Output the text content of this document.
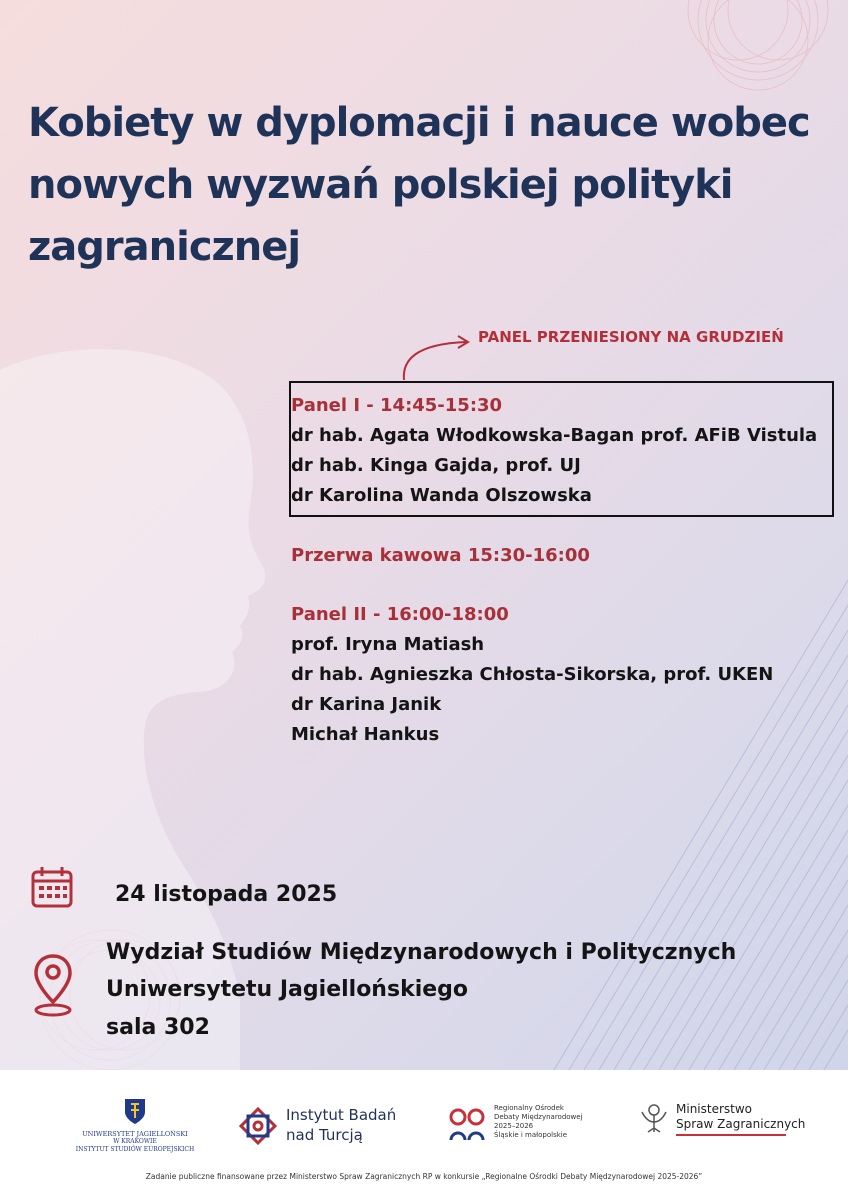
Kobiety w dyplomacji i nauce wobec nowych wyzwań polskiej polityki zagranicznej
PANEL PRZENIESIONY NA GRUDZIEŃ
Panel I - 14:45-15:30
dr hab. Agata Włodkowska-Bagan prof. AFiB Vistula
dr hab. Kinga Gajda, prof. UJ
dr Karolina Wanda Olszowska
Przerwa kawowa 15:30-16:00
Panel II - 16:00-18:00
prof. Iryna Matiash
dr hab. Agnieszka Chłosta-Sikorska, prof. UKEN
dr Karina Janik
Michał Hankus
24 listopada 2025
Wydział Studiów Międzynarodowych i Politycznych
Uniwersytetu Jagiellońskiego
sala 302
UNIWERSYTET JAGIELLOŃSKI
W KRAKOWIE
INSTYTUT STUDIÓW EUROPEJSKICH
Instytut Badań
nad Turcją
Regionalny Ośrodek
Debaty Międzynarodowej
2025–2026
Śląskie i małopolskie
Ministerstwo
Spraw Zagranicznych
Zadanie publiczne finansowane przez Ministerstwo Spraw Zagranicznych RP w konkursie „Regionalne Ośrodki Debaty Międzynarodowej 2025-2026”
